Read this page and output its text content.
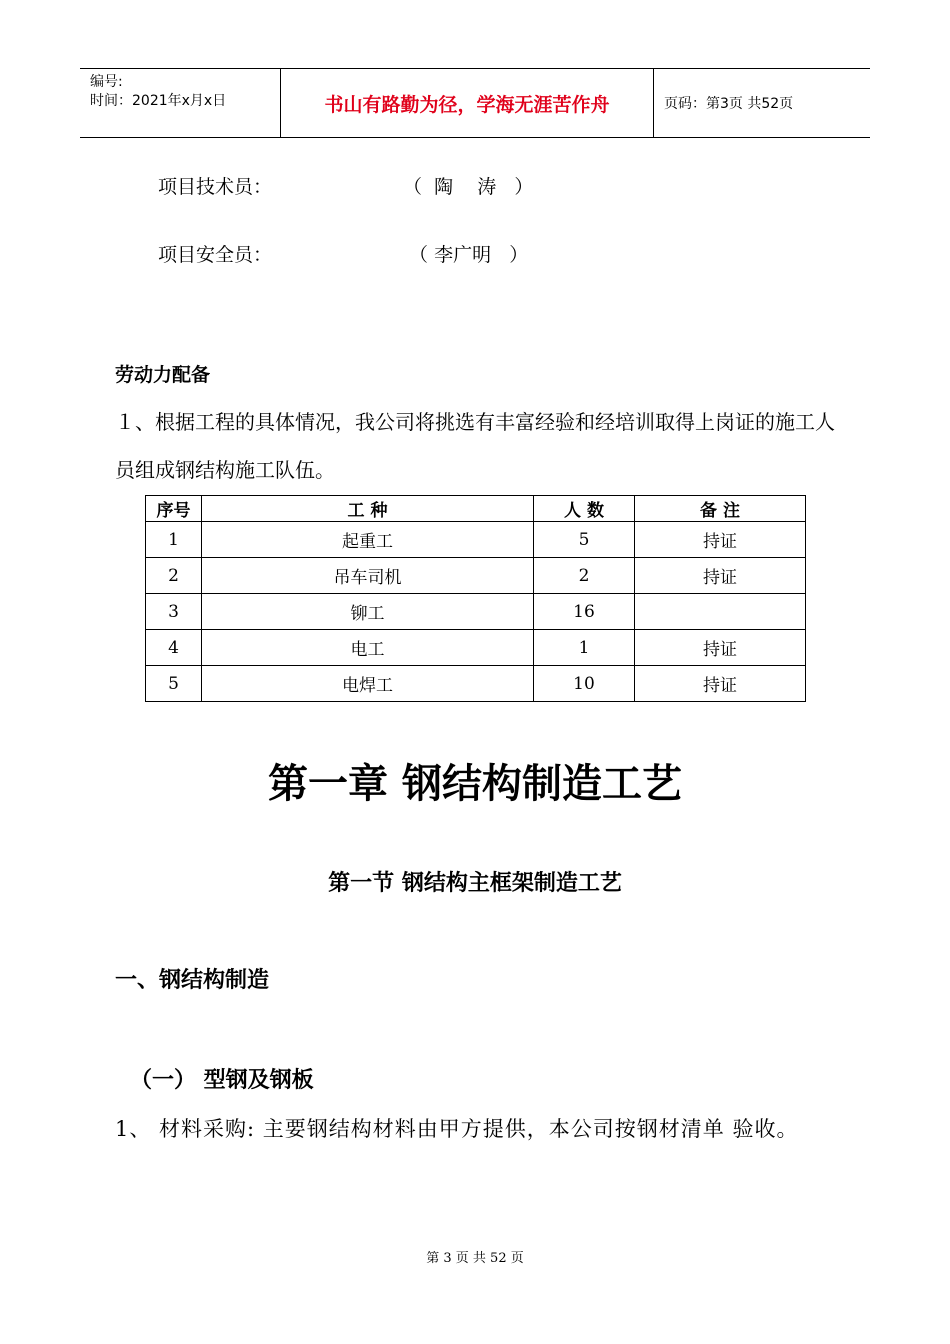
编号:
时间：2021年x月x日	书山有路勤为径，学海无涯苦作舟	页码：第3页 共52页
项目技术员：	（  陶    涛   ）
项目安全员：	（ 李广明   ）
劳动力配备
１、根据工程的具体情况，我公司将挑选有丰富经验和经培训取得上岗证的施工人员组成钢结构施工队伍。
序号	工 种	人 数	备 注
1	起重工	5	持证
2	吊车司机	2	持证
3	铆工	16	
4	电工	1	持证
5	电焊工	10	持证
第一章 钢结构制造工艺
第一节 钢结构主框架制造工艺
一、钢结构制造
（一） 型钢及钢板
1、 材料采购: 主要钢结构材料由甲方提供，本公司按钢材清单 验收。
第 3 页 共 52 页
